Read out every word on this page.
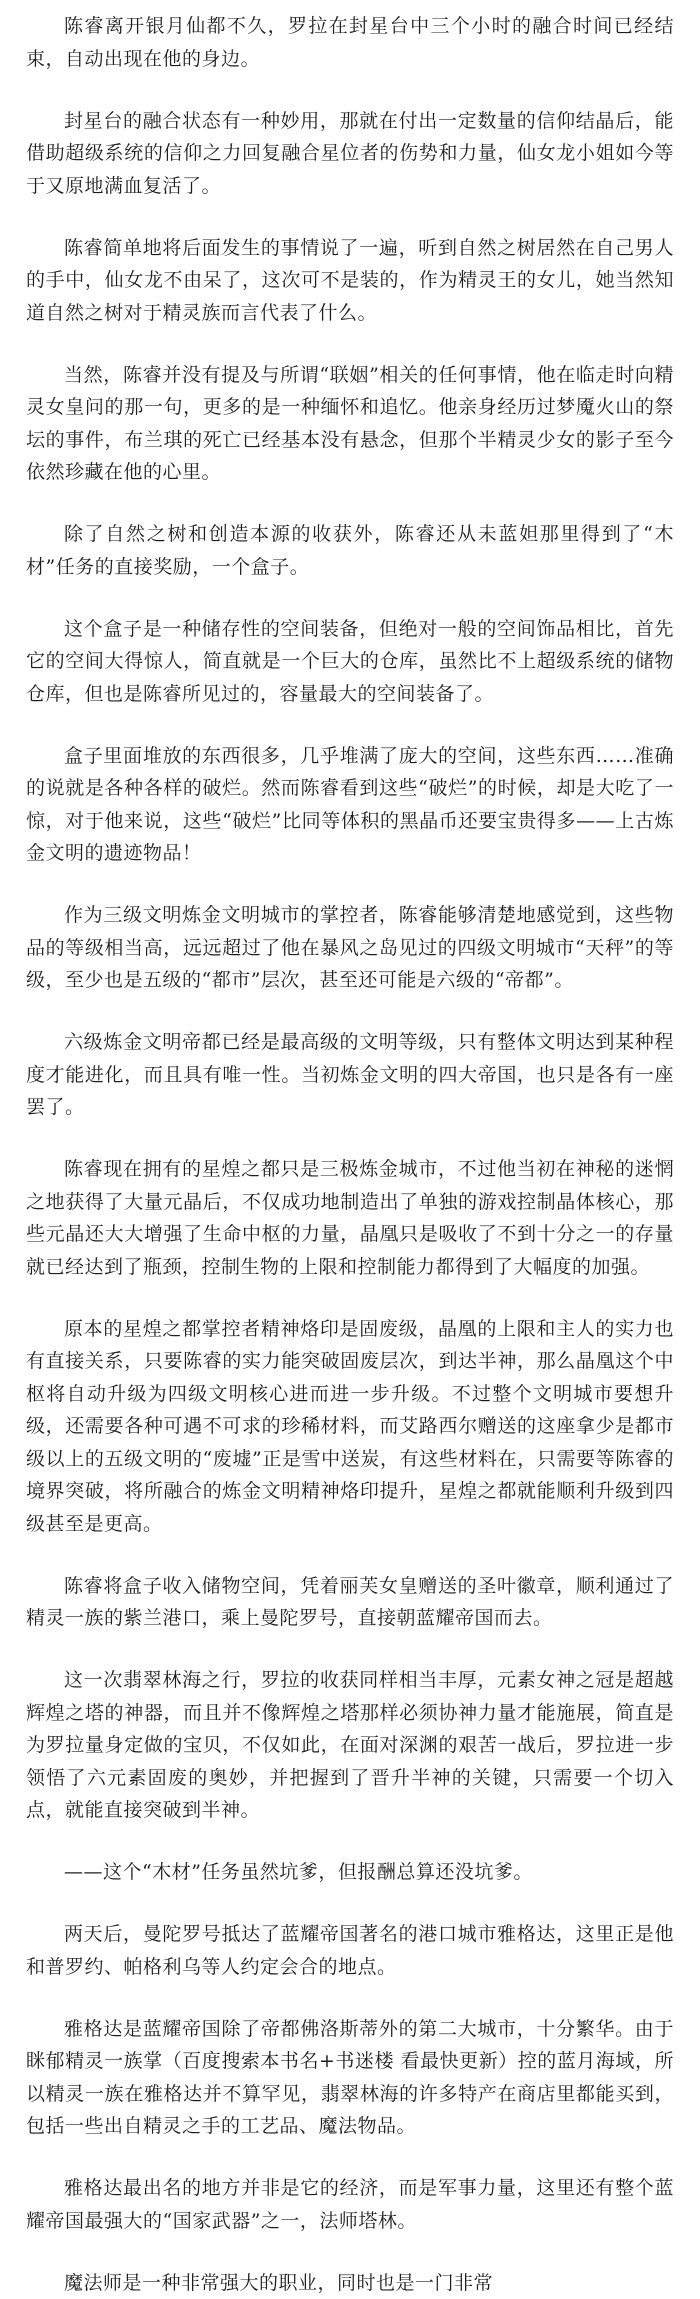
陈睿离开银月仙都不久，罗拉在封星台中三个小时的融合时间已经结束，自动出现在他的身边。

封星台的融合状态有一种妙用，那就在付出一定数量的信仰结晶后，能借助超级系统的信仰之力回复融合星位者的伤势和力量，仙女龙小姐如今等于又原地满血复活了。

陈睿简单地将后面发生的事情说了一遍，听到自然之树居然在自己男人的手中，仙女龙不由呆了，这次可不是装的，作为精灵王的女儿，她当然知道自然之树对于精灵族而言代表了什么。

当然，陈睿并没有提及与所谓“联姻”相关的任何事情，他在临走时向精灵女皇问的那一句，更多的是一种缅怀和追忆。他亲身经历过梦魇火山的祭坛的事件，布兰琪的死亡已经基本没有悬念，但那个半精灵少女的影子至今依然珍藏在他的心里。

除了自然之树和创造本源的收获外，陈睿还从未蓝妲那里得到了“木材”任务的直接奖励，一个盒子。

这个盒子是一种储存性的空间装备，但绝对一般的空间饰品相比，首先它的空间大得惊人，简直就是一个巨大的仓库，虽然比不上超级系统的储物仓库，但也是陈睿所见过的，容量最大的空间装备了。

盒子里面堆放的东西很多，几乎堆满了庞大的空间，这些东西……准确的说就是各种各样的破烂。然而陈睿看到这些“破烂”的时候，却是大吃了一惊，对于他来说，这些“破烂”比同等体积的黑晶币还要宝贵得多——上古炼金文明的遗迹物品！

作为三级文明炼金文明城市的掌控者，陈睿能够清楚地感觉到，这些物品的等级相当高，远远超过了他在暴风之岛见过的四级文明城市“天秤”的等级，至少也是五级的“都市”层次，甚至还可能是六级的“帝都”。

六级炼金文明帝都已经是最高级的文明等级，只有整体文明达到某种程度才能进化，而且具有唯一性。当初炼金文明的四大帝国，也只是各有一座罢了。

陈睿现在拥有的星煌之都只是三极炼金城市，不过他当初在神秘的迷惘之地获得了大量元晶后，不仅成功地制造出了单独的游戏控制晶体核心，那些元晶还大大增强了生命中枢的力量，晶凰只是吸收了不到十分之一的存量就已经达到了瓶颈，控制生物的上限和控制能力都得到了大幅度的加强。

原本的星煌之都掌控者精神烙印是固废级，晶凰的上限和主人的实力也有直接关系，只要陈睿的实力能突破固废层次，到达半神，那么晶凰这个中枢将自动升级为四级文明核心进而进一步升级。不过整个文明城市要想升级，还需要各种可遇不可求的珍稀材料，而艾路西尔赠送的这座拿少是都市级以上的五级文明的“废墟”正是雪中送炭，有这些材料在，只需要等陈睿的境界突破，将所融合的炼金文明精神烙印提升，星煌之都就能顺利升级到四级甚至是更高。

陈睿将盒子收入储物空间，凭着丽芙女皇赠送的圣叶徽章，顺利通过了精灵一族的紫兰港口，乘上曼陀罗号，直接朝蓝耀帝国而去。

这一次翡翠林海之行，罗拉的收获同样相当丰厚，元素女神之冠是超越辉煌之塔的神器，而且并不像辉煌之塔那样必须协神力量才能施展，简直是为罗拉量身定做的宝贝，不仅如此，在面对深渊的艰苦一战后，罗拉进一步领悟了六元素固废的奥妙，并把握到了晋升半神的关键，只需要一个切入点，就能直接突破到半神。

——这个“木材”任务虽然坑爹，但报酬总算还没坑爹。

两天后，曼陀罗号抵达了蓝耀帝国著名的港口城市雅格达，这里正是他和普罗约、帕格利乌等人约定会合的地点。

雅格达是蓝耀帝国除了帝都佛洛斯蒂外的第二大城市，十分繁华。由于眯郁精灵一族掌（百度搜索本书名+书迷楼 看最快更新）控的蓝月海域，所以精灵一族在雅格达并不算罕见，翡翠林海的许多特产在商店里都能买到，包括一些出自精灵之手的工艺品、魔法物品。

雅格达最出名的地方并非是它的经济，而是军事力量，这里还有整个蓝耀帝国最强大的“国家武器”之一，法师塔林。

魔法师是一种非常强大的职业，同时也是一门非常
